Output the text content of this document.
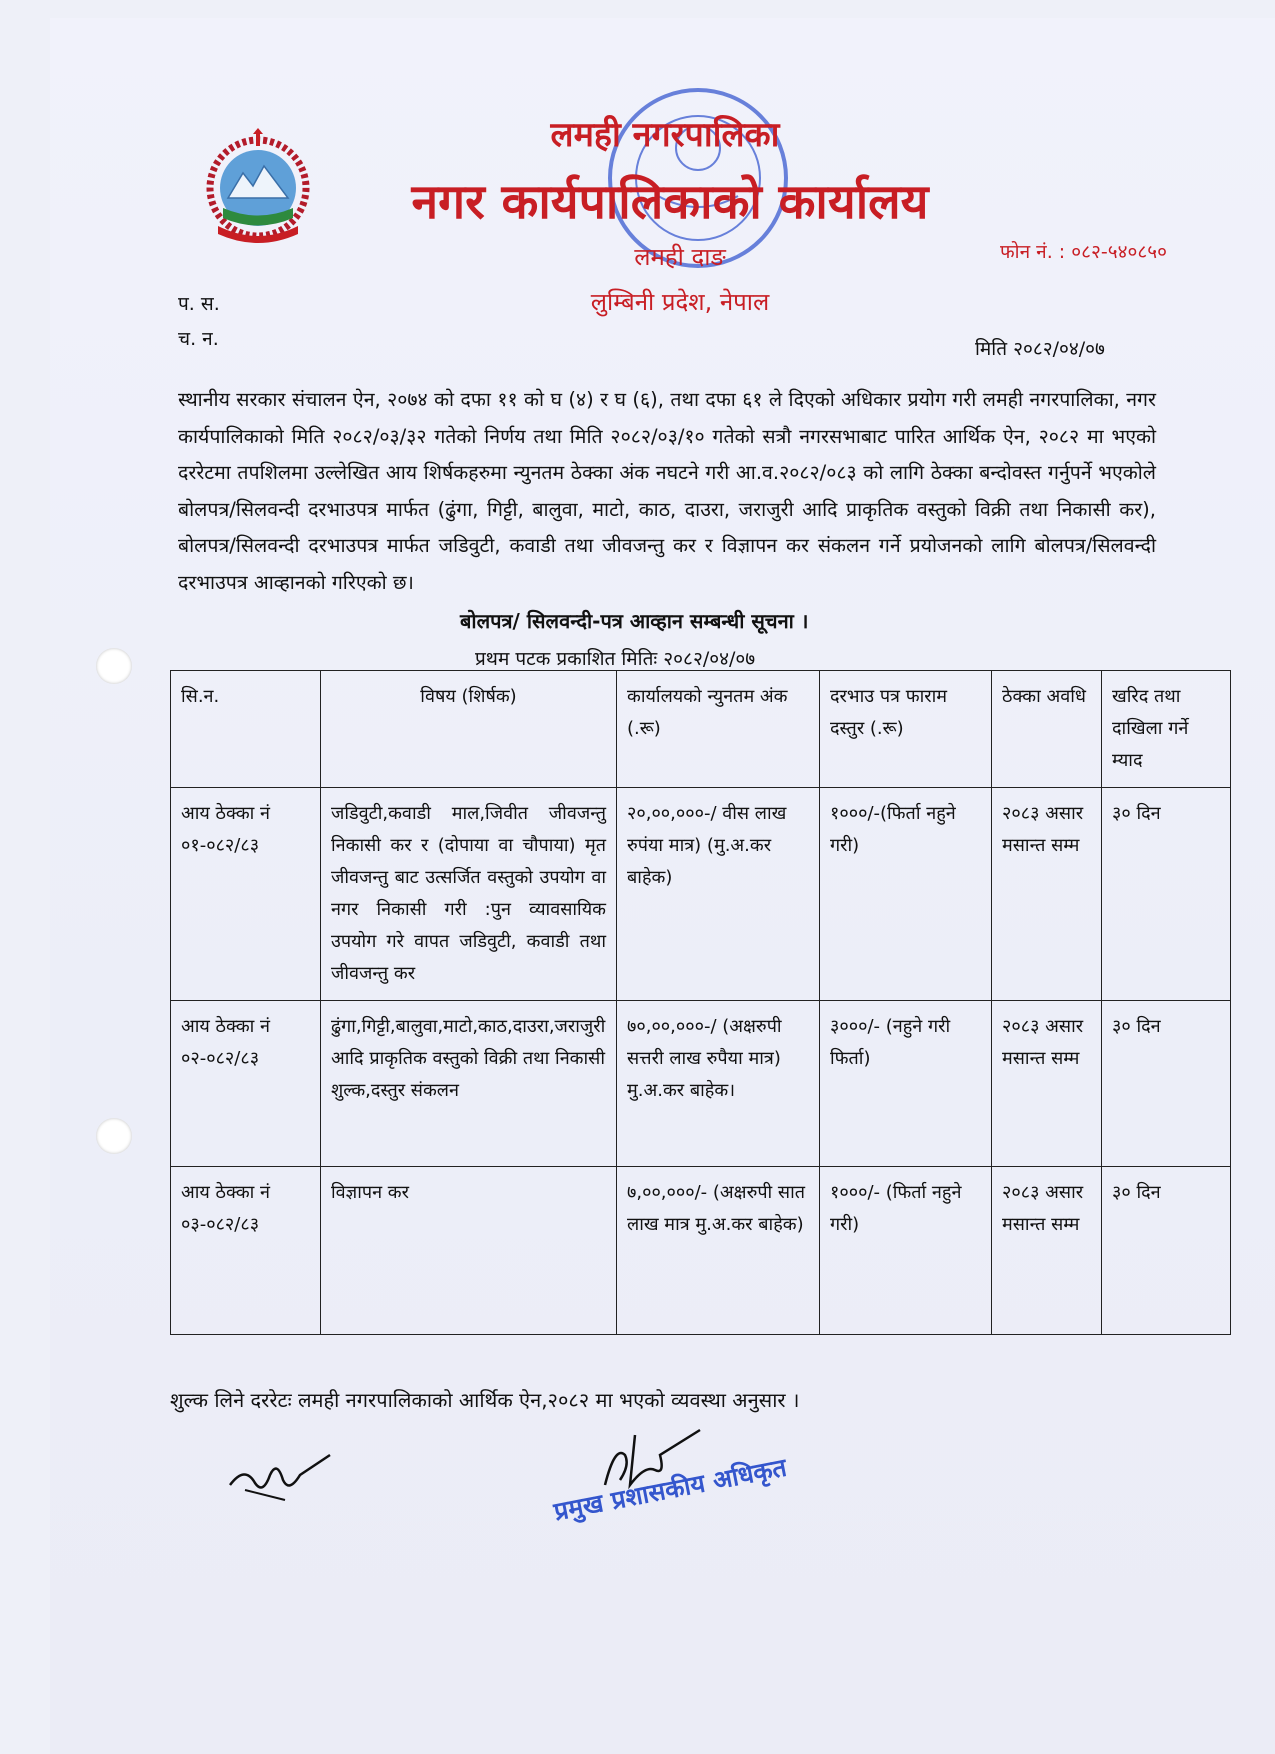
लमही नगरपालिका
नगर कार्यपालिकाको कार्यालय
लमही दाङ
लुम्बिनी प्रदेश, नेपाल
फोन नं. : ०८२-५४०८५०
प. स.
च. न.	मिति २०८२/०४/०७
स्थानीय सरकार संचालन ऐन, २०७४ को दफा ११ को घ (४) र घ (६), तथा दफा ६१ ले दिएको अधिकार प्रयोग गरी लमही नगरपालिका, नगर कार्यपालिकाको मिति २०८२/०३/३२ गतेको निर्णय तथा मिति २०८२/०३/१० गतेको सत्रौ नगरसभाबाट पारित आर्थिक ऐन, २०८२ मा भएको दररेटमा तपशिलमा उल्लेखित आय शिर्षकहरुमा न्युनतम ठेक्का अंक नघटने गरी आ.व.२०८२/०८३ को लागि ठेक्का बन्दोवस्त गर्नुपर्ने भएकोले बोलपत्र/सिलवन्दी दरभाउपत्र मार्फत (ढुंगा, गिट्टी, बालुवा, माटो, काठ, दाउरा, जराजुरी आदि प्राकृतिक वस्तुको विक्री तथा निकासी कर), बोलपत्र/सिलवन्दी दरभाउपत्र मार्फत जडिवुटी, कवाडी तथा जीवजन्तु कर र विज्ञापन कर संकलन गर्ने प्रयोजनको लागि बोलपत्र/सिलवन्दी दरभाउपत्र आव्हानको गरिएको छ।
बोलपत्र/ सिलवन्दी-पत्र आव्हान सम्बन्धी सूचना ।
प्रथम पटक प्रकाशित मितिः २०८२/०४/०७
सि.न.	विषय (शिर्षक)	कार्यालयको न्युनतम अंक (.रू)	दरभाउ पत्र फाराम दस्तुर (.रू)	ठेक्का अवधि	खरिद तथा दाखिला गर्ने म्याद
आय ठेक्का नं ०१-०८२/८३	जडिवुटी,कवाडी माल,जिवीत जीवजन्तु निकासी कर र (दोपाया वा चौपाया) मृत जीवजन्तु बाट उत्सर्जित वस्तुको उपयोग वा नगर निकासी गरी :पुन व्यावसायिक उपयोग गरे वापत जडिवुटी, कवाडी तथा जीवजन्तु कर	२०,००,०००-/ वीस लाख रुपंया मात्र) (मु.अ.कर बाहेक)	१०००/-(फिर्ता नहुने गरी)	२०८३ असार मसान्त सम्म	३० दिन
आय ठेक्का नं ०२-०८२/८३	ढुंगा,गिट्टी,बालुवा,माटो,काठ,दाउरा,जराजुरी आदि प्राकृतिक वस्तुको विक्री तथा निकासी शुल्क,दस्तुर संकलन	७०,००,०००-/ (अक्षरुपी सत्तरी लाख रुपैया मात्र) मु.अ.कर बाहेक।	३०००/- (नहुने गरी फिर्ता)	२०८३ असार मसान्त सम्म	३० दिन
आय ठेक्का नं ०३-०८२/८३	विज्ञापन कर	७,००,०००/- (अक्षरुपी सात लाख मात्र मु.अ.कर बाहेक)	१०००/- (फिर्ता नहुने गरी)	२०८३ असार मसान्त सम्म	३० दिन
शुल्क लिने दररेटः लमही नगरपालिकाको आर्थिक ऐन,२०८२ मा भएको व्यवस्था अनुसार ।
प्रमुख प्रशासकीय अधिकृत
